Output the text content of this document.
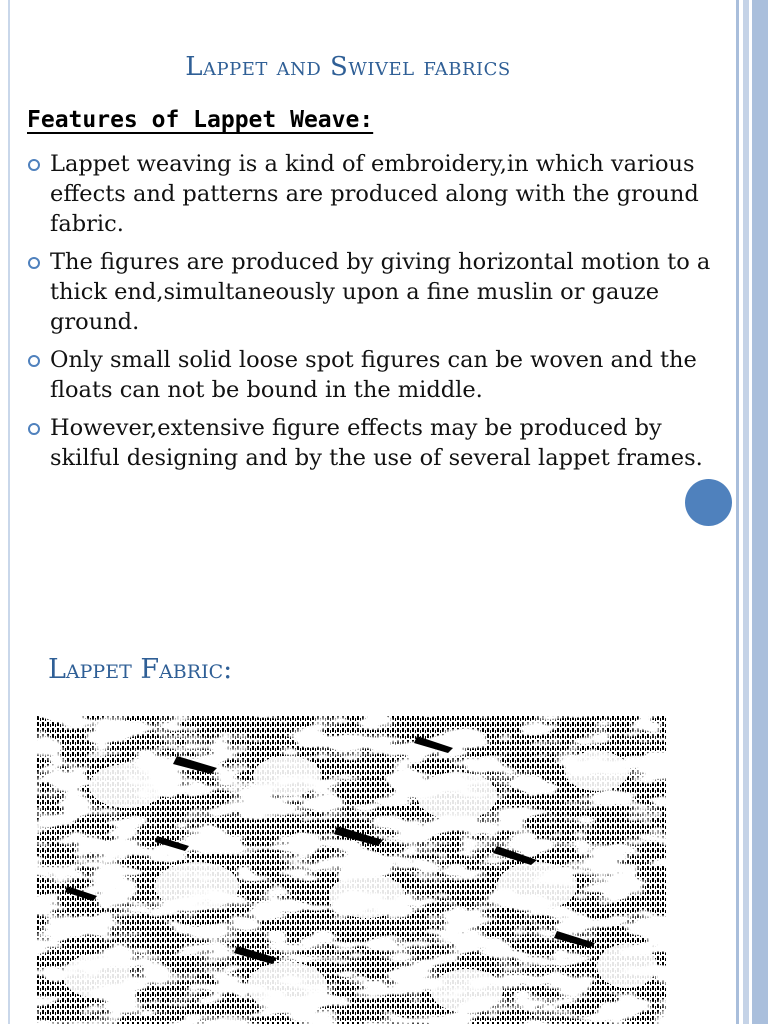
Lappet and Swivel fabrics
Features of Lappet Weave:
Lappet weaving is a kind of embroidery,in which various effects and patterns are produced along with the ground fabric.
The figures are produced by giving horizontal motion to a thick end,simultaneously upon a fine muslin or gauze ground.
Only small solid loose spot figures can be woven and the floats can not be bound in the middle.
However,extensive figure effects may be produced by skilful designing and by the use of several lappet frames.
Lappet Fabric:
